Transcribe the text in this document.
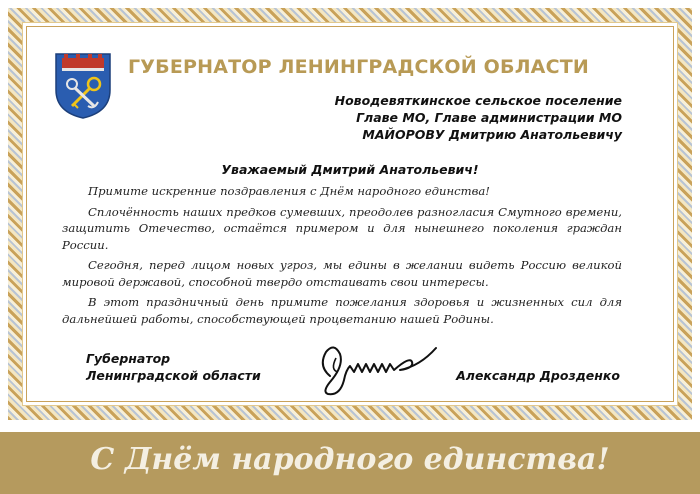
ГУБЕРНАТОР ЛЕНИНГРАДСКОЙ ОБЛАСТИ
Новодевяткинское сельское поселение
Главе МО, Главе администрации МО
МАЙОРОВУ Дмитрию Анатольевичу
Уважаемый Дмитрий Анатольевич!

Примите искренние поздравления с Днём народного единства!

Сплочённость наших предков сумевших, преодолев разногласия Смутного времени, защитить Отечество, остаётся примером и для нынешнего поколения граждан России.

Сегодня, перед лицом новых угроз, мы едины в желании видеть Россию великой мировой державой, способной твердо отстаивать свои интересы.

В этот праздничный день примите пожелания здоровья и жизненных сил для дальнейшей работы, способствующей процветанию нашей Родины.

Губернатор
Ленинградской области	Александр Дрозденко
С Днём народного единства!
